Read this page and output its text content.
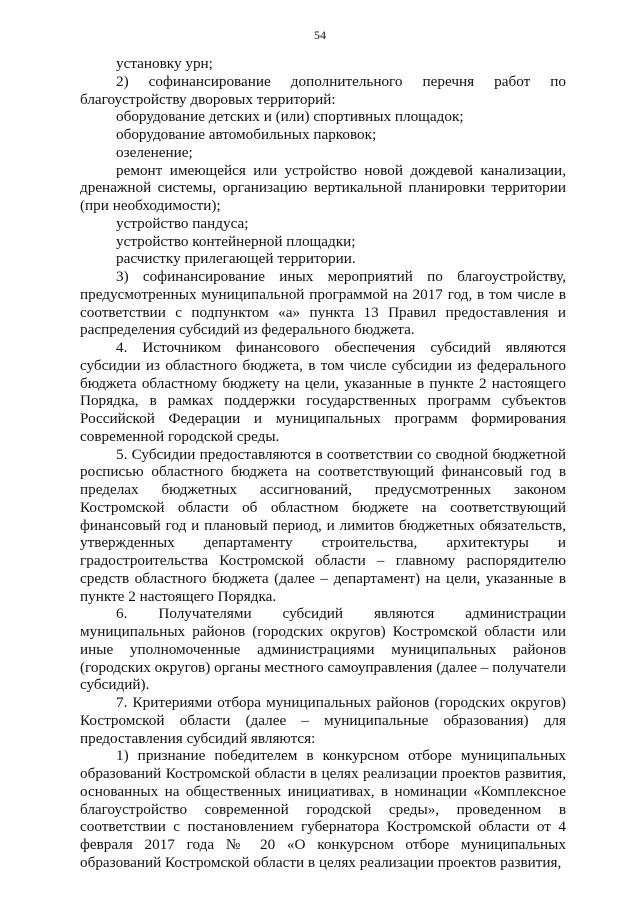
54

установку урн;

2) софинансирование дополнительного перечня работ по благоустройству дворовых территорий:

оборудование детских и (или) спортивных площадок;

оборудование автомобильных парковок;

озеленение;

ремонт имеющейся или устройство новой дождевой канализации, дренажной системы, организацию вертикальной планировки территории (при необходимости);

устройство пандуса;

устройство контейнерной площадки;

расчистку прилегающей территории.

3) софинансирование иных мероприятий по благоустройству, предусмотренных муниципальной программой на 2017 год, в том числе в соответствии с подпунктом «а» пункта 13 Правил предоставления и распределения субсидий из федерального бюджета.

4. Источником финансового обеспечения субсидий являются субсидии из областного бюджета, в том числе субсидии из федерального бюджета областному бюджету на цели, указанные в пункте 2 настоящего Порядка, в рамках поддержки государственных программ субъектов Российской Федерации и муниципальных программ формирования современной городской среды.

5. Субсидии предоставляются в соответствии со сводной бюджетной росписью областного бюджета на соответствующий финансовый год в пределах бюджетных ассигнований, предусмотренных законом Костромской области об областном бюджете на соответствующий финансовый год и плановый период, и лимитов бюджетных обязательств, утвержденных департаменту строительства, архитектуры и градостроительства Костромской области – главному распорядителю средств областного бюджета (далее – департамент) на цели, указанные в пункте 2 настоящего Порядка.

6. Получателями субсидий являются администрации муниципальных районов (городских округов) Костромской области или иные уполномоченные администрациями муниципальных районов (городских округов) органы местного самоуправления (далее – получатели субсидий).

7. Критериями отбора муниципальных районов (городских округов) Костромской области (далее – муниципальные образования) для предоставления субсидий являются:

1) признание победителем в конкурсном отборе муниципальных образований Костромской области в целях реализации проектов развития, основанных на общественных инициативах, в номинации «Комплексное благоустройство современной городской среды», проведенном в соответствии с постановлением губернатора Костромской области от 4 февраля 2017 года № 20 «О конкурсном отборе муниципальных образований Костромской области в целях реализации проектов развития,
